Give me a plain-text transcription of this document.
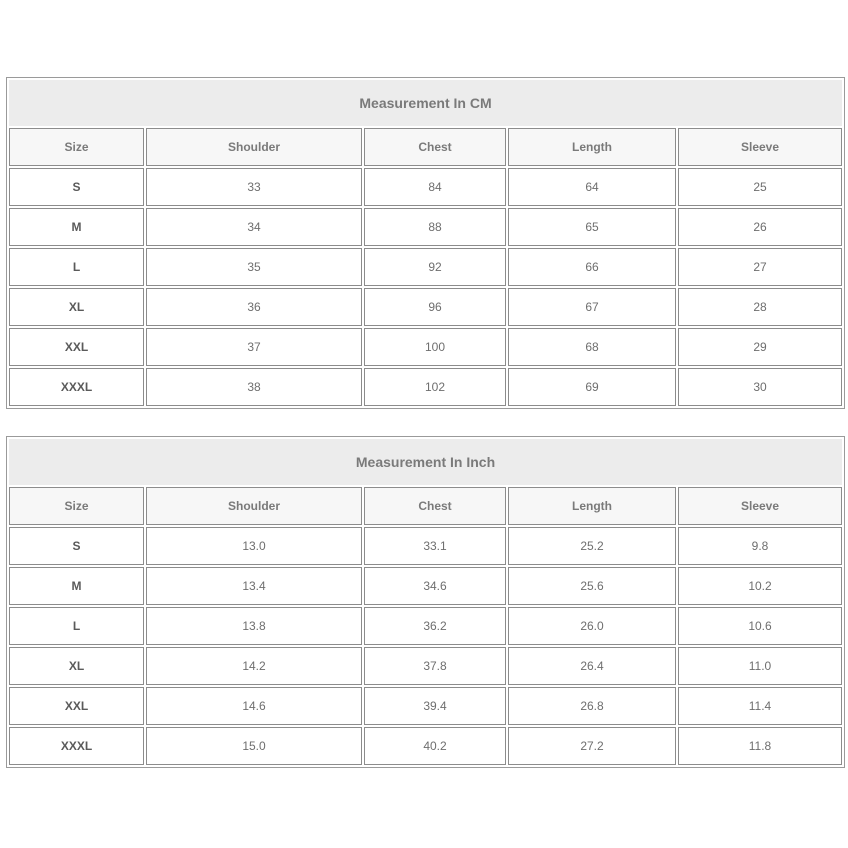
Measurement In CM				
Size	Shoulder	Chest	Length	Sleeve
S	33	84	64	25
M	34	88	65	26
L	35	92	66	27
XL	36	96	67	28
XXL	37	100	68	29
XXXL	38	102	69	30
Measurement In Inch				
Size	Shoulder	Chest	Length	Sleeve
S	13.0	33.1	25.2	9.8
M	13.4	34.6	25.6	10.2
L	13.8	36.2	26.0	10.6
XL	14.2	37.8	26.4	11.0
XXL	14.6	39.4	26.8	11.4
XXXL	15.0	40.2	27.2	11.8
